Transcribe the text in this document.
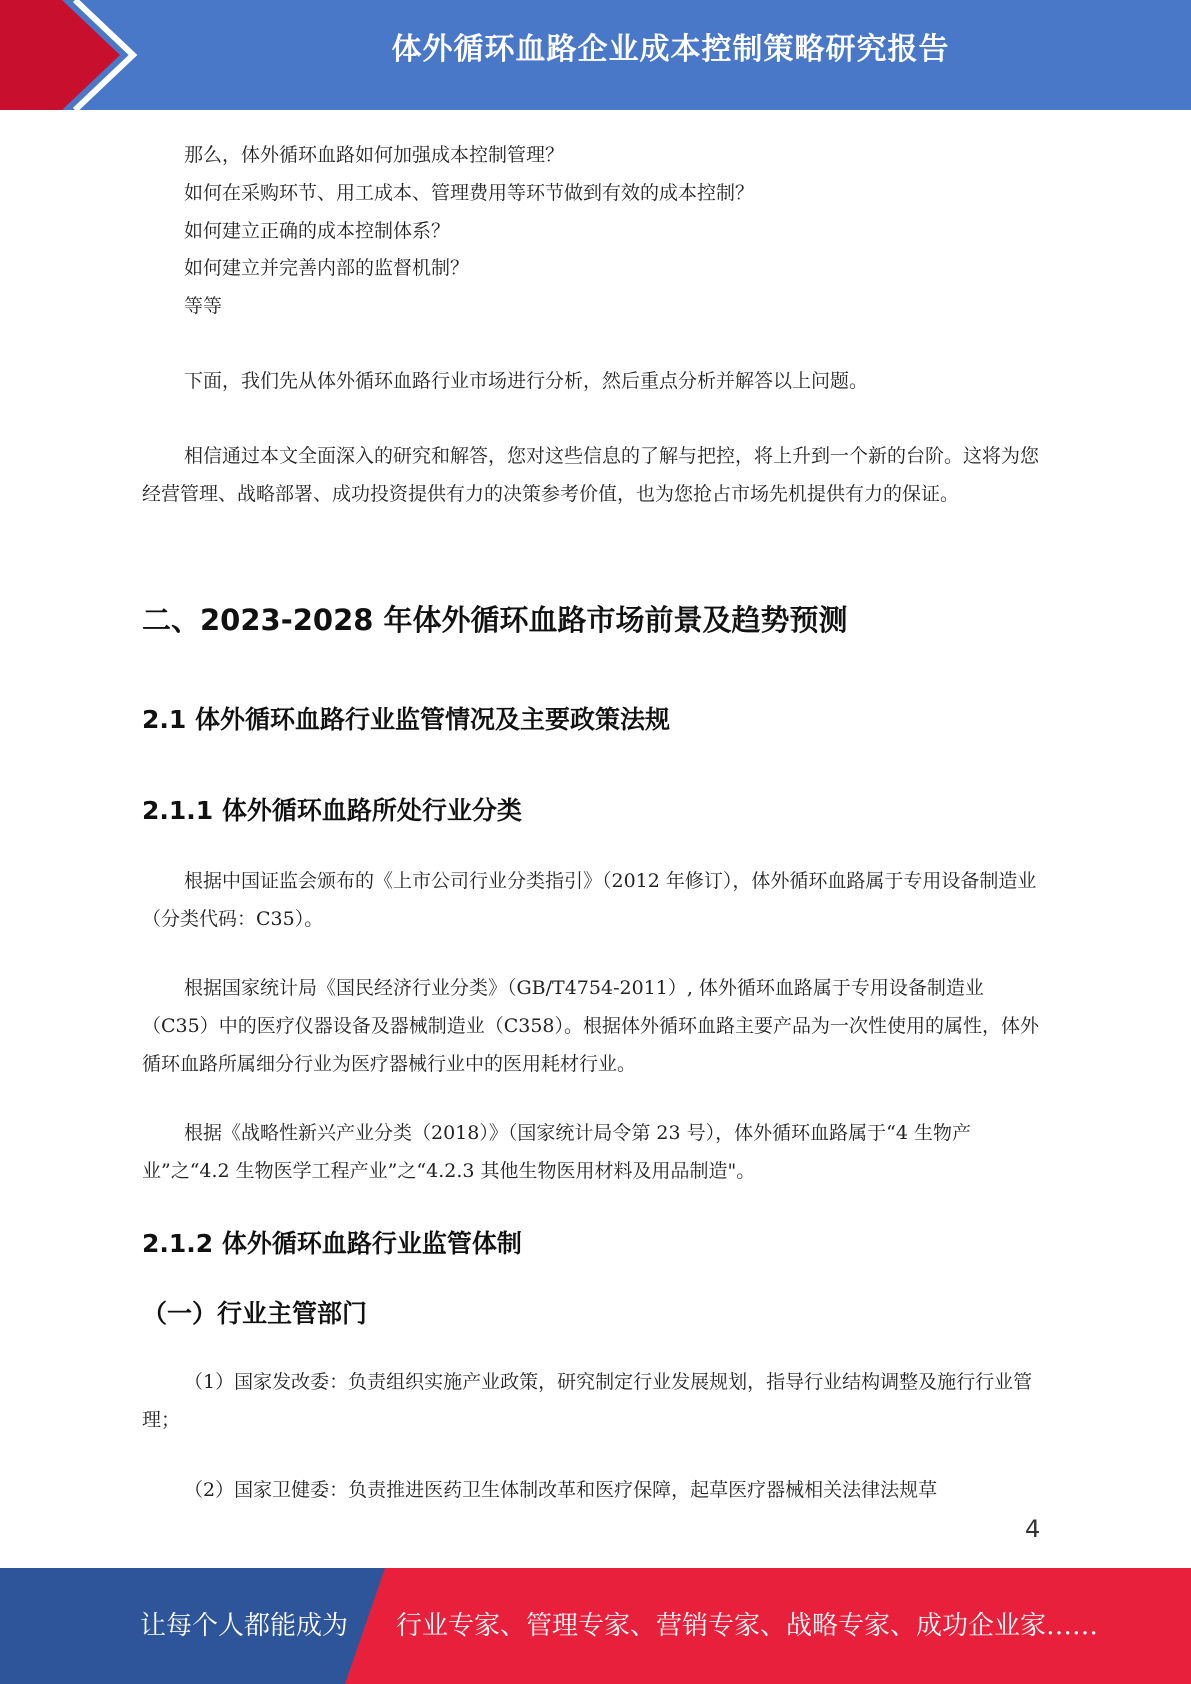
体外循环血路企业成本控制策略研究报告

那么，体外循环血路如何加强成本控制管理？

如何在采购环节、用工成本、管理费用等环节做到有效的成本控制？

如何建立正确的成本控制体系？

如何建立并完善内部的监督机制？

等等

下面，我们先从体外循环血路行业市场进行分析，然后重点分析并解答以上问题。

相信通过本文全面深入的研究和解答，您对这些信息的了解与把控，将上升到一个新的台阶。这将为您经营管理、战略部署、成功投资提供有力的决策参考价值，也为您抢占市场先机提供有力的保证。

二、2023-2028 年体外循环血路市场前景及趋势预测
2.1 体外循环血路行业监管情况及主要政策法规
2.1.1 体外循环血路所处行业分类

根据中国证监会颁布的《上市公司行业分类指引》（2012 年修订），体外循环血路属于专用设备制造业（分类代码：C35）。

根据国家统计局《国民经济行业分类》（GB/T4754-2011）, 体外循环血路属于专用设备制造业（C35）中的医疗仪器设备及器械制造业（C358）。根据体外循环血路主要产品为一次性使用的属性，体外循环血路所属细分行业为医疗器械行业中的医用耗材行业。

根据《战略性新兴产业分类（2018）》（国家统计局令第 23 号），体外循环血路属于“4 生物产业”之“4.2 生物医学工程产业”之“4.2.3 其他生物医用材料及用品制造"。

2.1.2 体外循环血路行业监管体制
（一）行业主管部门

（1）国家发改委：负责组织实施产业政策，研究制定行业发展规划，指导行业结构调整及施行行业管理；

（2）国家卫健委：负责推进医药卫生体制改革和医疗保障，起草医疗器械相关法律法规草

4
让每个人都能成为 行业专家、管理专家、营销专家、战略专家、成功企业家……
